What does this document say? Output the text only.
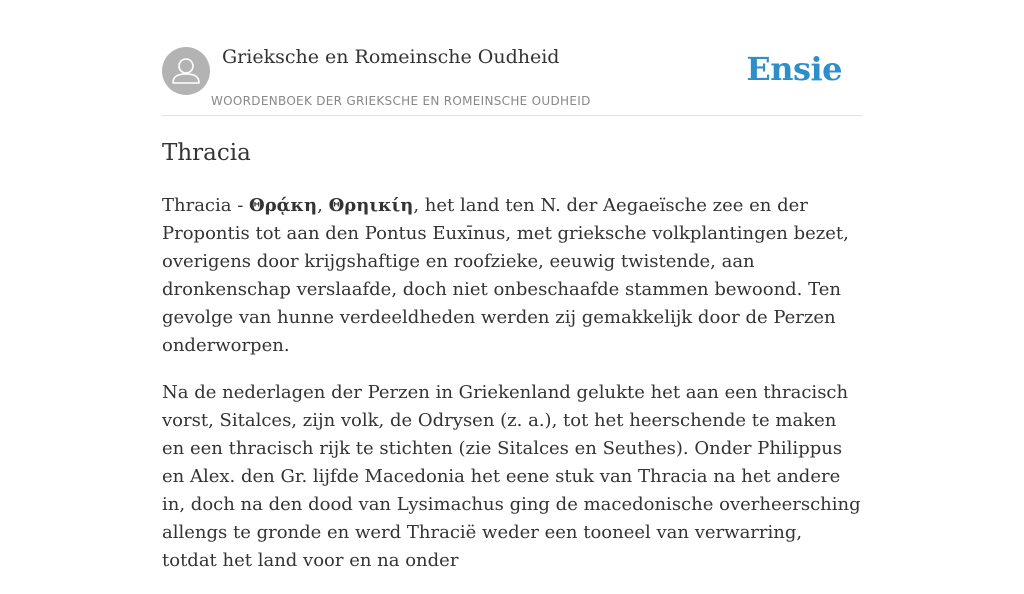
Grieksche en Romeinsche Oudheid
WOORDENBOEK DER GRIEKSCHE EN ROMEINSCHE OUDHEID
Ensie
Thracia

Thracia - Θρᾴκη, Θρηικίη, het land ten N. der Aegaeïsche zee en der Propontis tot aan den Pontus Euxīnus, met grieksche volkplantingen bezet, overigens door krijgshaftige en roofzieke, eeuwig twistende, aan dronkenschap verslaafde, doch niet onbeschaafde stammen bewoond. Ten gevolge van hunne verdeeldheden werden zij gemakkelijk door de Perzen onderworpen.

Na de nederlagen der Perzen in Griekenland gelukte het aan een thracisch vorst, Sitalces, zijn volk, de Odrysen (z. a.), tot het heerschende te maken en een thracisch rijk te stichten (zie Sitalces en Seuthes). Onder Philippus en Alex. den Gr. lijfde Macedonia het eene stuk van Thracia na het andere in, doch na den dood van Lysimachus ging de macedonische overheersching allengs te gronde en werd Thracië weder een tooneel van verwarring, totdat het land voor en na onder
